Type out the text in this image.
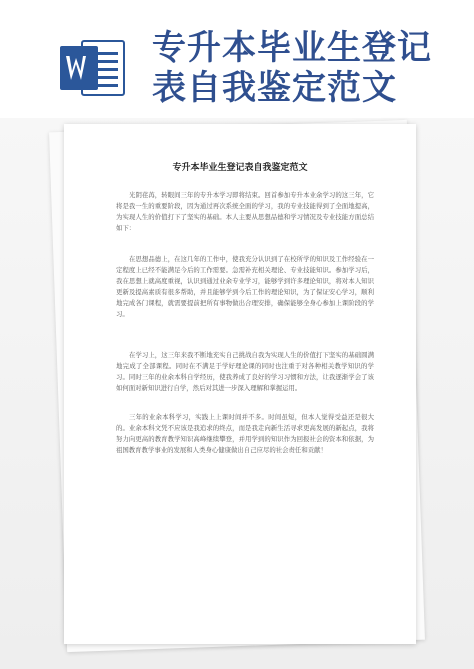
专升本毕业生登记
表自我鉴定范文
专升本毕业生登记表自我鉴定范文
光阴荏苒，转眼间三年的专升本学习即将结束。回首参加专升本业余学习的这三年，它将是我一生的重要阶段，因为通过再次系统全面的学习，我的专业技能得到了全面地提高，为实现人生的价值打下了坚实的基础。本人主要从思想品德和学习情况及专业技能方面总结如下：
在思想品德上，在这几年的工作中，使我充分认识到了在校所学的知识及工作经验在一定程度上已经不能满足今后的工作需要。急需补充相关理论、专业技能知识。参加学习后，我在思想上就高度重视，认识到通过业余专业学习，能够学到许多理论知识，将对本人知识更新及提高素质有很多帮助，并且能够学到今后工作的理论知识，为了保证安心学习，顺利地完成各门课程，就需要提前把所有事物做出合理安排，确保能够全身心参加上课阶段的学习。
在学习上，这三年来我不断地充实自己挑战自我为实现人生的价值打下坚实的基础圆满地完成了全部课程。同时在不满足于学好理论课的同时也注重于对各种相关教学知识的学习。同时三年的业余本科自学经历，使我养成了良好的学习习惯和方法，让我逐渐学会了该如何面对新知识进行自学，然后对其进一步深入理解和掌握运用。
三年的业余本科学习，实践上上课时间并不多。时间虽短，但本人觉得受益还是很大的。业余本科文凭不应该是我追求的终点，而是我走向新生活寻求更高发展的新起点，我将努力向更高的教育教学知识高峰继续攀登，并用学到的知识作为回报社会的资本和依据，为祖国教育教学事业的发展和人类身心健康做出自己应尽的社会责任和贡献！
